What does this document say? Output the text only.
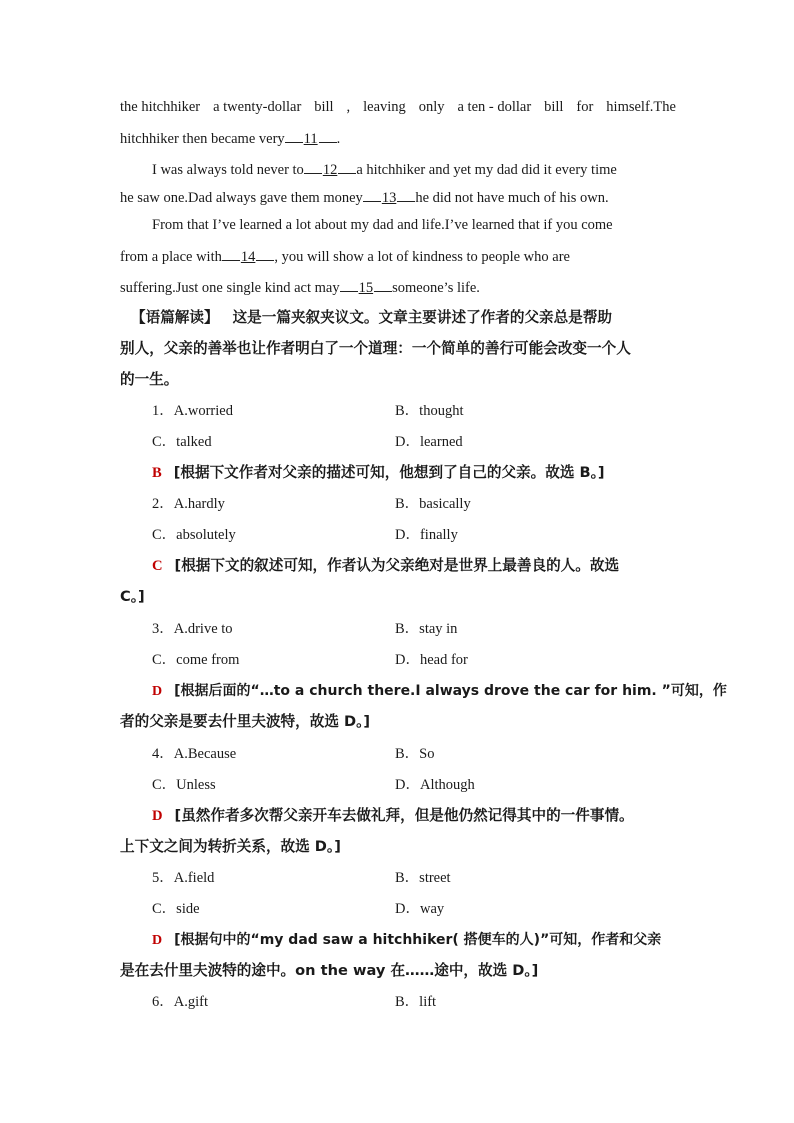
the hitchhiker a twenty-dollar bill , leaving only a ten - dollar bill for himself.The
hitchhiker then became very 11 .
I was always told never to 12 a hitchhiker and yet my dad did it every time
he saw one.Dad always gave them money 13 he did not have much of his own.
From that I’ve learned a lot about my dad and life.I’ve learned that if you come
from a place with 14 , you will show a lot of kindness to people who are
suffering.Just one single kind act may 15 someone’s life.
【语篇解读】 这是一篇夹叙夹议文。文章主要讲述了作者的父亲总是帮助
别人，父亲的善举也让作者明白了一个道理：一个简单的善行可能会改变一个人
的一生。
1．A.worried	B．thought
C．talked	D．learned
B [根据下文作者对父亲的描述可知，他想到了自己的父亲。故选 B。]
2．A.hardly	B．basically
C．absolutely	D．finally
C [根据下文的叙述可知，作者认为父亲绝对是世界上最善良的人。故选
C。]
3．A.drive to	B．stay in
C．come from	D．head for
D [根据后面的“…to a church there.I always drove the car for him. ”可知，作
者的父亲是要去什里夫波特，故选 D。]
4．A.Because	B．So
C．Unless	D．Although
D [虽然作者多次帮父亲开车去做礼拜，但是他仍然记得其中的一件事情。
上下文之间为转折关系，故选 D。]
5．A.field	B．street
C．side	D．way
D [根据句中的“my dad saw a hitchhiker( 搭便车的人)”可知，作者和父亲
是在去什里夫波特的途中。on the way 在……途中，故选 D。]
6．A.gift	B．lift
